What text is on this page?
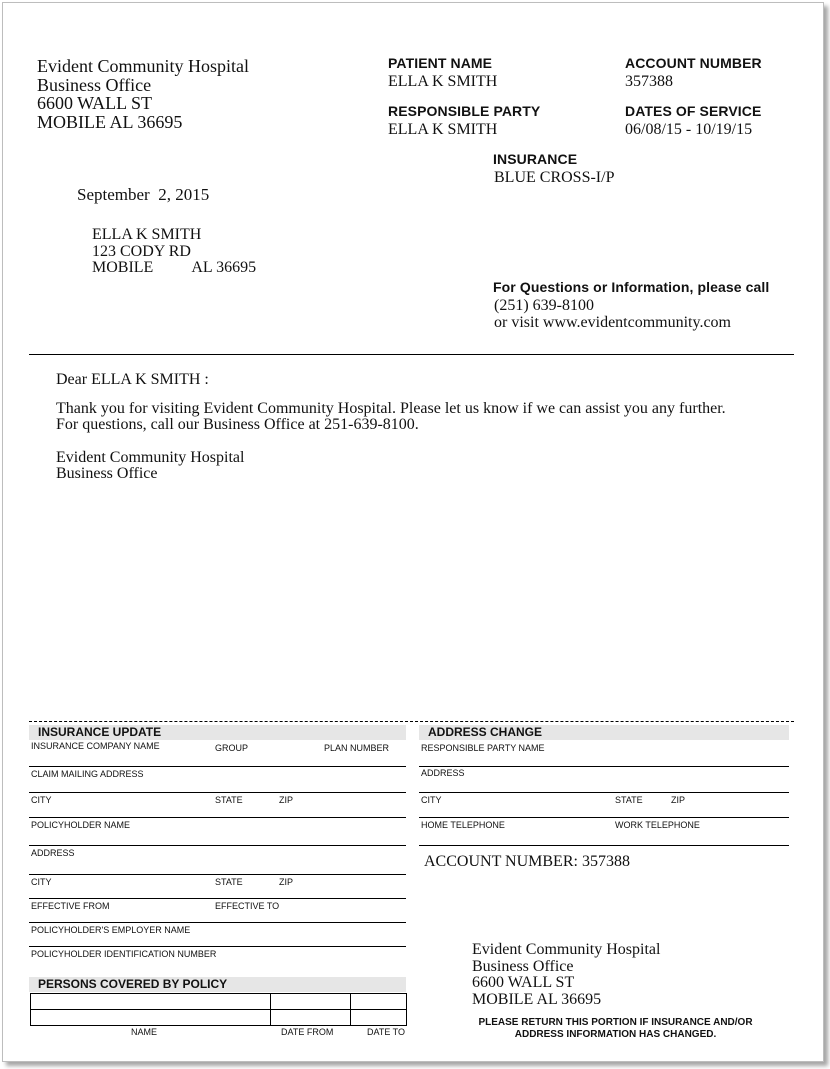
Evident Community Hospital
Business Office
6600 WALL ST
MOBILE AL 36695
PATIENT NAME
ELLA K SMITH
ACCOUNT NUMBER
357388
RESPONSIBLE PARTY
ELLA K SMITH
DATES OF SERVICE
06/08/15 - 10/19/15
INSURANCE
BLUE CROSS-I/P
September  2, 2015
ELLA K SMITH
123 CODY RD
MOBILE AL 36695
For Questions or Information, please call
(251) 639-8100
or visit www.evidentcommunity.com
Dear ELLA K SMITH :
Thank you for visiting Evident Community Hospital. Please let us know if we can assist you any further.
For questions, call our Business Office at 251-639-8100.
Evident Community Hospital
Business Office
INSURANCE UPDATE
INSURANCE COMPANY NAME	GROUP	PLAN NUMBER
CLAIM MAILING ADDRESS
CITY	STATE	ZIP
POLICYHOLDER NAME
ADDRESS
CITY	STATE	ZIP
EFFECTIVE FROM	EFFECTIVE TO
POLICYHOLDER'S EMPLOYER NAME
POLICYHOLDER IDENTIFICATION NUMBER
PERSONS COVERED BY POLICY
NAME	DATE FROM	DATE TO
ADDRESS CHANGE
RESPONSIBLE PARTY NAME
ADDRESS
CITY	STATE	ZIP
HOME TELEPHONE	WORK TELEPHONE
ACCOUNT NUMBER: 357388
Evident Community Hospital
Business Office
6600 WALL ST
MOBILE AL 36695
PLEASE RETURN THIS PORTION IF INSURANCE AND/OR
ADDRESS INFORMATION HAS CHANGED.
